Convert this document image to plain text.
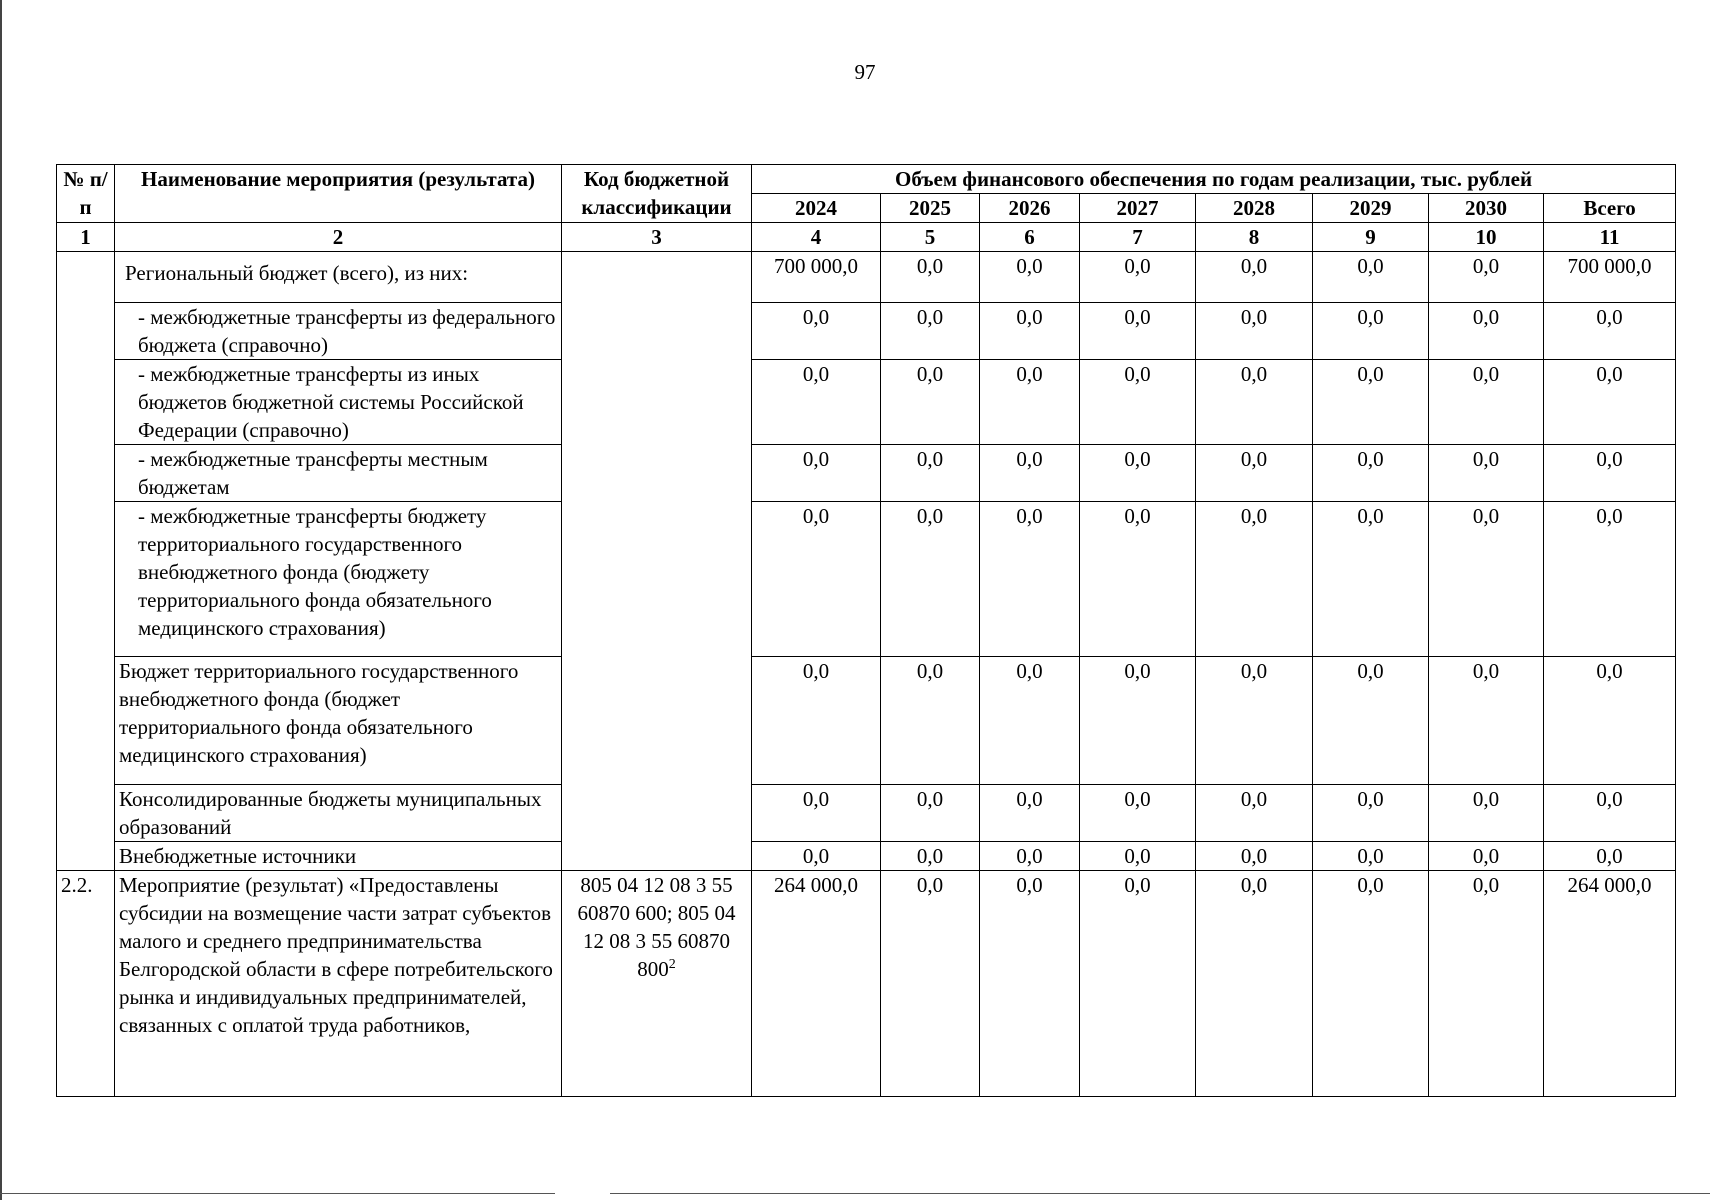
97
№ п/п	Наименование мероприятия (результата)	Код бюджетной классификации	Объем финансового обеспечения по годам реализации, тыс. рублей							
			2024	2025	2026	2027	2028	2029	2030	Всего
1	2	3	4	5	6	7	8	9	10	11
	Региональный бюджет (всего), из них:		700 000,0	0,0	0,0	0,0	0,0	0,0	0,0	700 000,0
	- межбюджетные трансферты из федерального бюджета (справочно)		0,0	0,0	0,0	0,0	0,0	0,0	0,0	0,0
	- межбюджетные трансферты из иных бюджетов бюджетной системы Российской Федерации (справочно)		0,0	0,0	0,0	0,0	0,0	0,0	0,0	0,0
	- межбюджетные трансферты местным бюджетам		0,0	0,0	0,0	0,0	0,0	0,0	0,0	0,0
	- межбюджетные трансферты бюджету территориального государственного внебюджетного фонда (бюджету территориального фонда обязательного медицинского страхования)		0,0	0,0	0,0	0,0	0,0	0,0	0,0	0,0
	Бюджет территориального государственного внебюджетного фонда (бюджет территориального фонда обязательного медицинского страхования)		0,0	0,0	0,0	0,0	0,0	0,0	0,0	0,0
	Консолидированные бюджеты муниципальных образований		0,0	0,0	0,0	0,0	0,0	0,0	0,0	0,0
	Внебюджетные источники		0,0	0,0	0,0	0,0	0,0	0,0	0,0	0,0
2.2.	Мероприятие (результат) «Предоставлены субсидии на возмещение части затрат субъектов малого и среднего предпринимательства Белгородской области в сфере потребительского рынка и индивидуальных предпринимателей, связанных с оплатой труда работников,	805 04 12 08 3 55 60870 600; 805 04 12 08 3 55 60870 $800^2$	264 000,0	0,0	0,0	0,0	0,0	0,0	0,0	264 000,0
